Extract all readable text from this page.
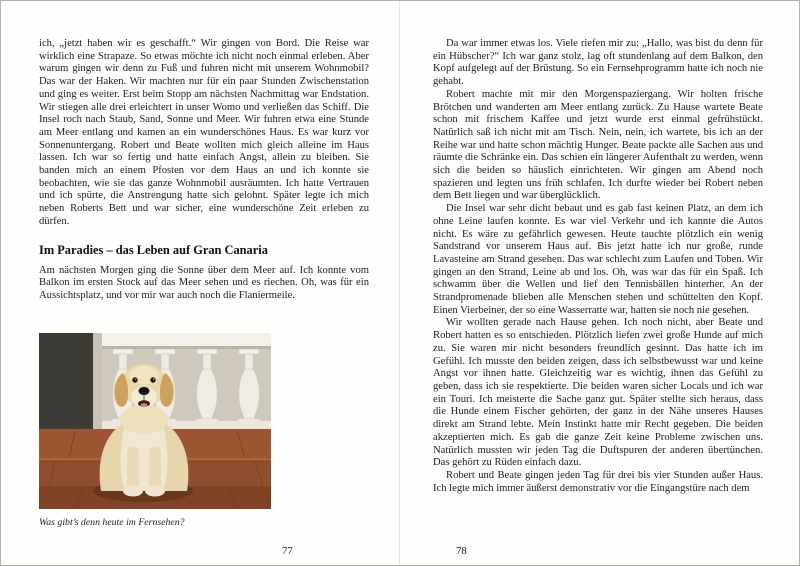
ich, „jetzt haben wir es geschafft.“ Wir gingen von Bord. Die Reise war wirklich eine Strapaze. So etwas möchte ich nicht noch einmal erleben. Aber warum gingen wir denn zu Fuß und fuhren nicht mit unserem Wohnmobil? Das war der Haken. Wir machten nur für ein paar Stunden Zwischenstation und ging es weiter. Erst beim Stopp am nächsten Nachmittag war Endstation. Wir stiegen alle drei erleichtert in unser Womo und verließen das Schiff. Die Insel roch nach Staub, Sand, Sonne und Meer. Wir fuhren etwa eine Stunde am Meer entlang und kamen an ein wunderschönes Haus. Es war kurz vor Sonnenuntergang. Robert und Beate wollten mich gleich alleine im Haus lassen. Ich war so fertig und hatte einfach Angst, allein zu bleiben. Sie banden mich an einem Pfosten vor dem Haus an und ich konnte sie beobachten, wie sie das ganze Wohnmobil ausräumten. Ich hatte Vertrauen und ich spürte, die Anstrengung hatte sich gelohnt. Später legte ich mich neben Roberts Bett und war sicher, eine wunderschöne Zeit erleben zu dürfen.

Im Paradies – das Leben auf Gran Canaria

Am nächsten Morgen ging die Sonne über dem Meer auf. Ich konnte vom Balkon im ersten Stock auf das Meer sehen und es riechen. Oh, was für ein Aussichtsplatz, und vor mir war auch noch die Flaniermeile.

Was gibt’s denn heute im Fernsehen?
77

Da war immer etwas los. Viele riefen mir zu: „Hallo, was bist du denn für ein Hübscher?“ Ich war ganz stolz, lag oft stundenlang auf dem Balkon, den Kopf aufgelegt auf der Brüstung. So ein Fernsehprogramm hatte ich noch nie gehabt.

Robert machte mit mir den Morgenspaziergang. Wir holten frische Brötchen und wanderten am Meer entlang zurück. Zu Hause wartete Beate schon mit frischem Kaffee und jetzt wurde erst einmal gefrühstückt. Natürlich saß ich nicht mit am Tisch. Nein, nein, ich wartete, bis ich an der Reihe war und hatte schon mächtig Hunger. Beate packte alle Sachen aus und räumte die Schränke ein. Das schien ein längerer Aufenthalt zu werden, wenn sich die beiden so häuslich einrichteten. Wir gingen am Abend noch spazieren und legten uns früh schlafen. Ich durfte wieder bei Robert neben dem Bett liegen und war überglücklich.

Die Insel war sehr dicht bebaut und es gab fast keinen Platz, an dem ich ohne Leine laufen konnte. Es war viel Verkehr und ich kannte die Autos nicht. Es wäre zu gefährlich gewesen. Heute tauchte plötzlich ein wenig Sandstrand vor unserem Haus auf. Bis jetzt hatte ich nur große, runde Lavasteine am Strand gesehen. Das war schlecht zum Laufen und Toben. Wir gingen an den Strand, Leine ab und los. Oh, was war das für ein Spaß. Ich schwamm über die Wellen und lief den Tennisbällen hinterher. An der Strandpromenade blieben alle Menschen stehen und schüttelten den Kopf. Einen Vierbeiner, der so eine Wasserratte war, hatten sie noch nie gesehen.

Wir wollten gerade nach Hause gehen. Ich noch nicht, aber Beate und Robert hatten es so entschieden. Plötzlich liefen zwei große Hunde auf mich zu. Sie waren mir nicht besonders freundlich gesinnt. Das hatte ich im Gefühl. Ich musste den beiden zeigen, dass ich selbstbewusst war und keine Angst vor ihnen hatte. Gleichzeitig war es wichtig, ihnen das Gefühl zu geben, dass ich sie respektierte. Die beiden waren sicher Locals und ich war ein Touri. Ich meisterte die Sache ganz gut. Später stellte sich heraus, dass die Hunde einem Fischer gehörten, der ganz in der Nähe unseres Hauses direkt am Strand lebte. Mein Instinkt hatte mir Recht gegeben. Die beiden akzeptierten mich. Es gab die ganze Zeit keine Probleme zwischen uns. Natürlich mussten wir jeden Tag die Duftspuren der anderen übertünchen. Das gehört zu Rüden einfach dazu.

Robert und Beate gingen jeden Tag für drei bis vier Stunden außer Haus. Ich legte mich immer äußerst demonstrativ vor die Eingangstüre nach dem

78
